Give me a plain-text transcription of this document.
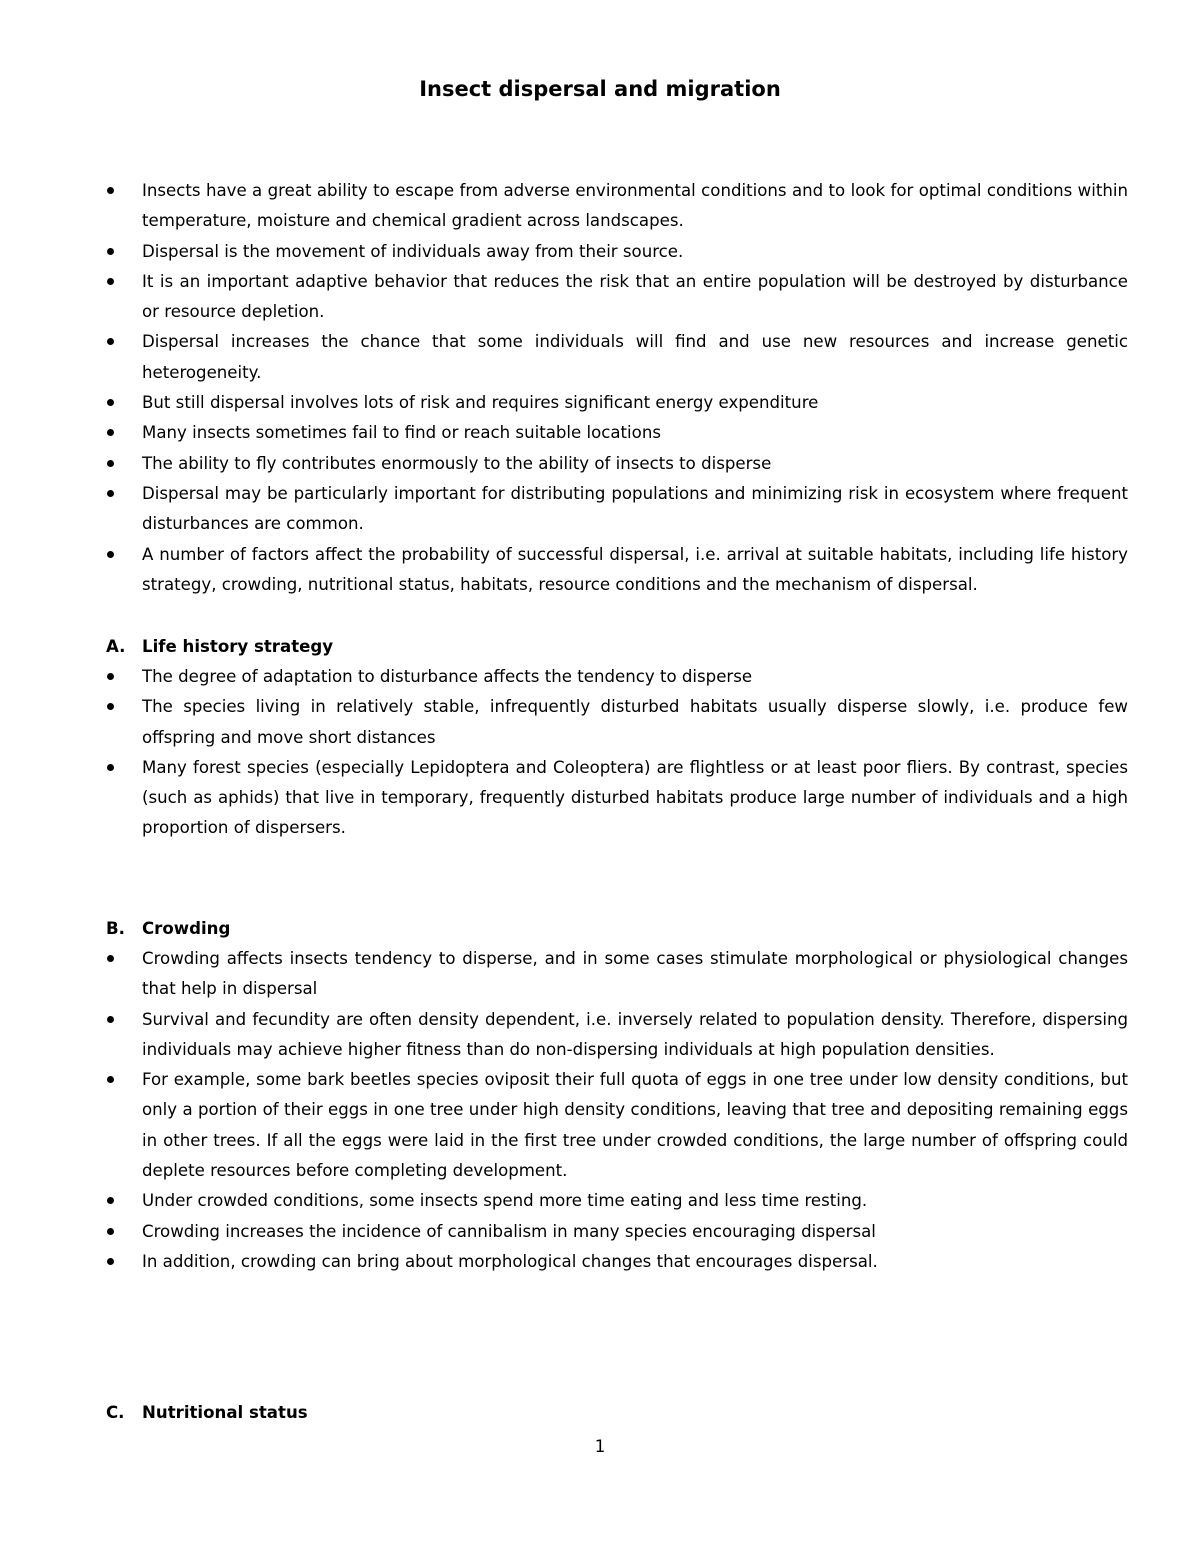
Insect dispersal and migration
Insects have a great ability to escape from adverse environmental conditions and to look for optimal conditions within temperature, moisture and chemical gradient across landscapes.
Dispersal is the movement of individuals away from their source.
It is an important adaptive behavior that reduces the risk that an entire population will be destroyed by disturbance or resource depletion.
Dispersal increases the chance that some individuals will find and use new resources and increase genetic heterogeneity.
But still dispersal involves lots of risk and requires significant energy expenditure
Many insects sometimes fail to find or reach suitable locations
The ability to fly contributes enormously to the ability of insects to disperse
Dispersal may be particularly important for distributing populations and minimizing risk in ecosystem where frequent disturbances are common.
A number of factors affect the probability of successful dispersal, i.e. arrival at suitable habitats, including life history strategy, crowding, nutritional status, habitats, resource conditions and the mechanism of dispersal.
A. Life history strategy
The degree of adaptation to disturbance affects the tendency to disperse
The species living in relatively stable, infrequently disturbed habitats usually disperse slowly, i.e. produce few offspring and move short distances
Many forest species (especially Lepidoptera and Coleoptera) are flightless or at least poor fliers. By contrast, species (such as aphids) that live in temporary, frequently disturbed habitats produce large number of individuals and a high proportion of dispersers.
B. Crowding
Crowding affects insects tendency to disperse, and in some cases stimulate morphological or physiological changes that help in dispersal
Survival and fecundity are often density dependent, i.e. inversely related to population density. Therefore, dispersing individuals may achieve higher fitness than do non-dispersing individuals at high population densities.
For example, some bark beetles species oviposit their full quota of eggs in one tree under low density conditions, but only a portion of their eggs in one tree under high density conditions, leaving that tree and depositing remaining eggs in other trees. If all the eggs were laid in the first tree under crowded conditions, the large number of offspring could deplete resources before completing development.
Under crowded conditions, some insects spend more time eating and less time resting.
Crowding increases the incidence of cannibalism in many species encouraging dispersal
In addition, crowding can bring about morphological changes that encourages dispersal.
C. Nutritional status
1
